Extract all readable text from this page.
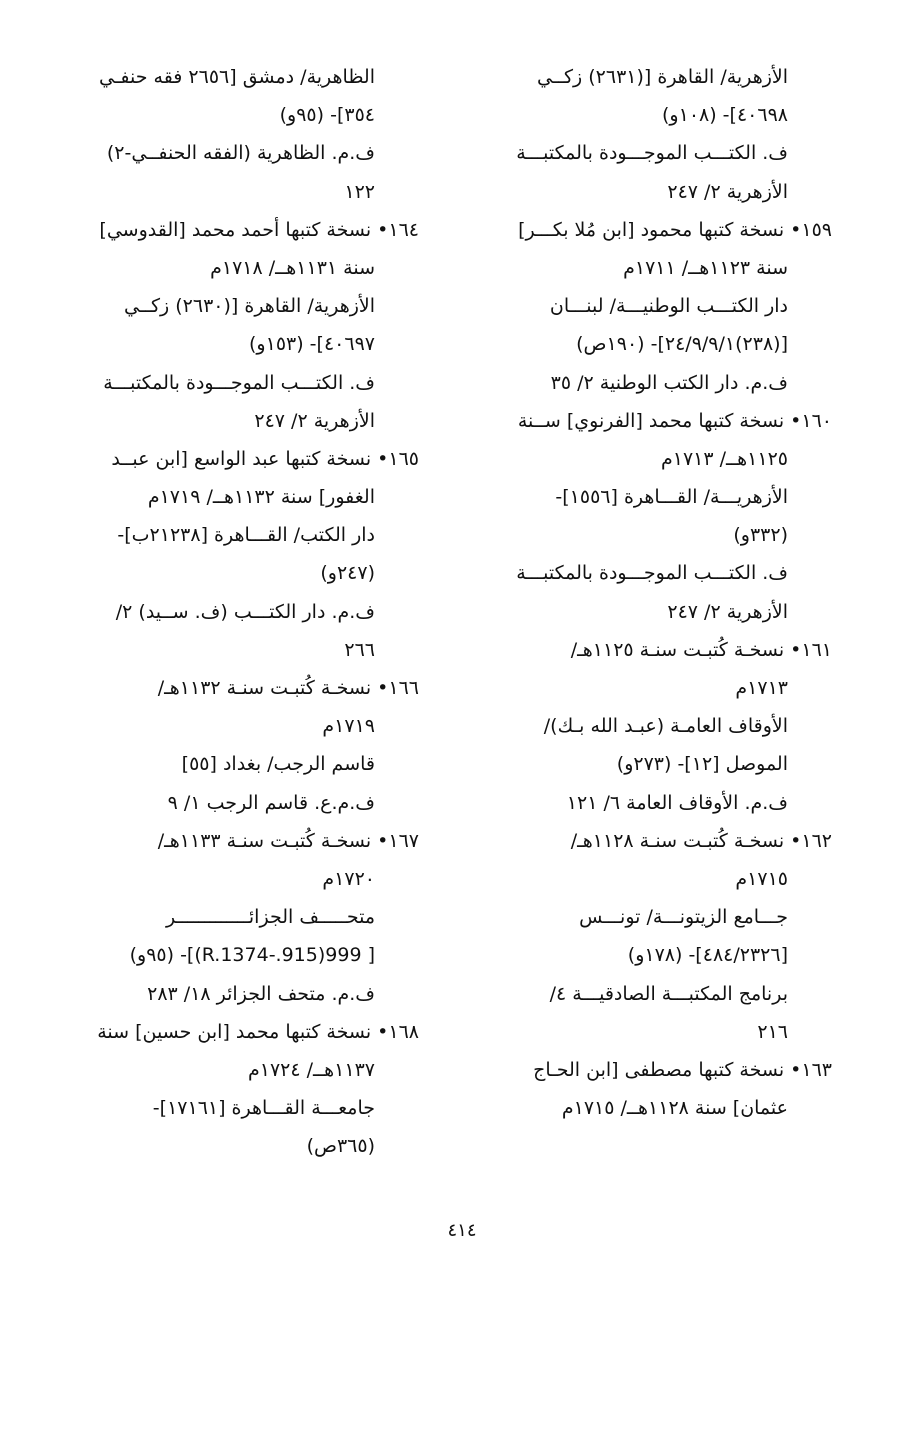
الأزهرية/ القاهرة [(٢٦٣١) زكــي
٤٠٦٩٨]- (١٠٨و)
ف. الكتـــب الموجـــودة بالمكتبـــة
الأزهرية ٢/ ٢٤٧
١٥٩• نسخة كتبها محمود [ابن مُلا بكـــر]
سنة ١١٢٣هــ/ ١٧١١م
دار الكتـــب الوطنيـــة/ لبنـــان
[(٢٣٨)٢٤/٩/٩/١]- (١٩٠ص)
ف.م. دار الكتب الوطنية ٢/ ٣٥
١٦٠• نسخة كتبها محمد [الفرنوي] ســنة
١١٢٥هــ/ ١٧١٣م
الأزهريـــة/ القـــاهرة [١٥٥٦]-
(٣٣٢و)
ف. الكتـــب الموجـــودة بالمكتبـــة
الأزهرية ٢/ ٢٤٧
١٦١• نسخـة كُتبـت سنـة ١١٢٥هـ/
١٧١٣م
الأوقاف العامـة (عبـد الله بـك)/
الموصل [١٢]- (٢٧٣و)
ف.م. الأوقاف العامة ٦/ ١٢١
١٦٢• نسخـة كُتبـت سنـة ١١٢٨هـ/
١٧١٥م
جـــامع الزيتونـــة/ تونـــس
[٤٨٤/٢٣٢٦]- (١٧٨و)
برنامج المكتبـــة الصادقيـــة ٤/
٢١٦
١٦٣• نسخة كتبها مصطفى [ابن الحـاج
عثمان] سنة ١١٢٨هــ/ ١٧١٥م
الظاهرية/ دمشق [٢٦٥٦ فقه حنفـي
٣٥٤]- (٩٥و)
ف.م. الظاهرية (الفقه الحنفــي-٢)
١٢٢
١٦٤• نسخة كتبها أحمد محمد [القدوسي]
سنة ١١٣١هــ/ ١٧١٨م
الأزهرية/ القاهرة [(٢٦٣٠) زكــي
٤٠٦٩٧]- (١٥٣و)
ف. الكتـــب الموجـــودة بالمكتبـــة
الأزهرية ٢/ ٢٤٧
١٦٥• نسخة كتبها عبد الواسع [ابن عبــد
الغفور] سنة ١١٣٢هــ/ ١٧١٩م
دار الكتب/ القـــاهرة [٢١٢٣٨ب]-
(٢٤٧و)
ف.م. دار الكتـــب (ف. ســيد) ٢/
٢٦٦
١٦٦• نسخـة كُتبـت سنـة ١١٣٢هـ/
١٧١٩م
قاسم الرجب/ بغداد [٥٥]
ف.م.ع. قاسم الرجب ١/ ٩
١٦٧• نسخـة كُتبـت سنـة ١١٣٣هـ/
١٧٢٠م
متحـــــف الجزائـــــــــــــر
[ 999(915.-R.1374)]- (٩٥و)
ف.م. متحف الجزائر ١٨/ ٢٨٣
١٦٨• نسخة كتبها محمد [ابن حسين] سنة
١١٣٧هــ/ ١٧٢٤م
جامعـــة القـــاهرة [١٧١٦١]-
(٣٦٥ص)
٤١٤
